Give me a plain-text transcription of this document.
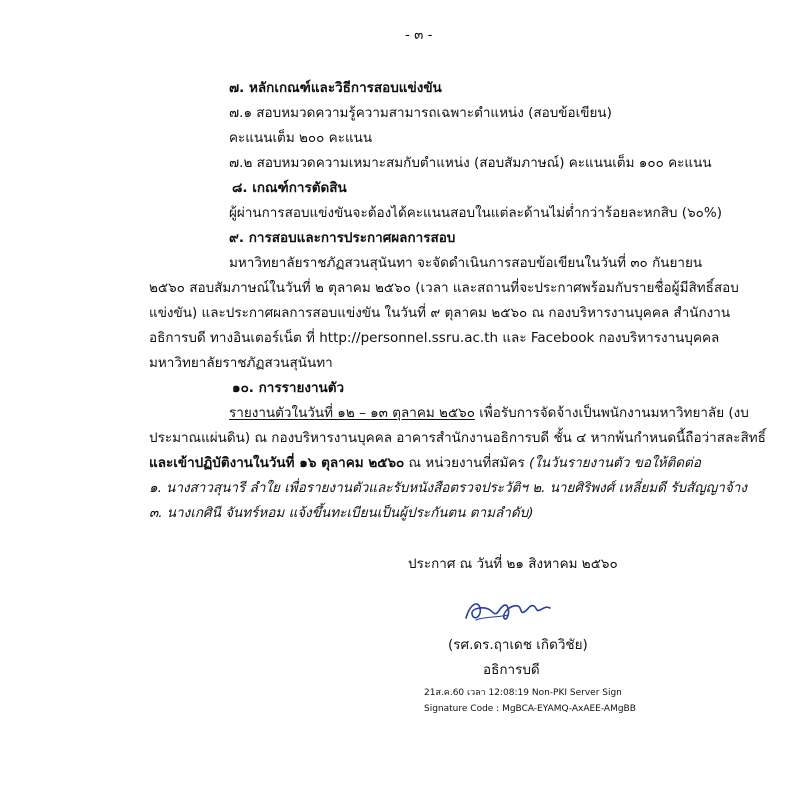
- ๓ -
๗. หลักเกณฑ์และวิธีการสอบแข่งขัน
๗.๑ สอบหมวดความรู้ความสามารถเฉพาะตำแหน่ง (สอบข้อเขียน)
คะแนนเต็ม ๒๐๐ คะแนน
๗.๒ สอบหมวดความเหมาะสมกับตำแหน่ง (สอบสัมภาษณ์) คะแนนเต็ม ๑๐๐ คะแนน
๘. เกณฑ์การตัดสิน
ผู้ผ่านการสอบแข่งขันจะต้องได้คะแนนสอบในแต่ละด้านไม่ต่ำกว่าร้อยละหกสิบ (๖๐%)
๙. การสอบและการประกาศผลการสอบ
มหาวิทยาลัยราชภัฏสวนสุนันทา จะจัดดำเนินการสอบข้อเขียนในวันที่ ๓๐ กันยายน
๒๕๖๐ สอบสัมภาษณ์ในวันที่ ๒ ตุลาคม ๒๕๖๐ (เวลา และสถานที่จะประกาศพร้อมกับรายชื่อผู้มีสิทธิ์สอบ
แข่งขัน) และประกาศผลการสอบแข่งขัน ในวันที่ ๙ ตุลาคม ๒๕๖๐ ณ กองบริหารงานบุคคล สำนักงาน
อธิการบดี ทางอินเตอร์เน็ต ที่ http://personnel.ssru.ac.th และ Facebook กองบริหารงานบุคคล
มหาวิทยาลัยราชภัฏสวนสุนันทา
๑๐. การรายงานตัว
รายงานตัวในวันที่ ๑๒ – ๑๓ ตุลาคม ๒๕๖๐ เพื่อรับการจัดจ้างเป็นพนักงานมหาวิทยาลัย (งบ
ประมาณแผ่นดิน) ณ กองบริหารงานบุคคล อาคารสำนักงานอธิการบดี ชั้น ๔ หากพ้นกำหนดนี้ถือว่าสละสิทธิ์
และเข้าปฏิบัติงานในวันที่ ๑๖ ตุลาคม ๒๕๖๐ ณ หน่วยงานที่สมัคร (ในวันรายงานตัว ขอให้ติดต่อ
๑. นางสาวสุนารี ลำใย เพื่อรายงานตัวและรับหนังสือตรวจประวัติฯ ๒. นายศิริพงศ์ เหลี่ยมดี รับสัญญาจ้าง
๓. นางเกศินี จันทร์หอม แจ้งขึ้นทะเบียนเป็นผู้ประกันตน ตามลำดับ)
ประกาศ ณ วันที่ ๒๑ สิงหาคม ๒๕๖๐
(รศ.ดร.ฤาเดช เกิดวิชัย)
อธิการบดี
21ส.ค.60 เวลา 12:08:19 Non-PKI Server Sign
Signature Code : MgBCA-EYAMQ-AxAEE-AMgBB
